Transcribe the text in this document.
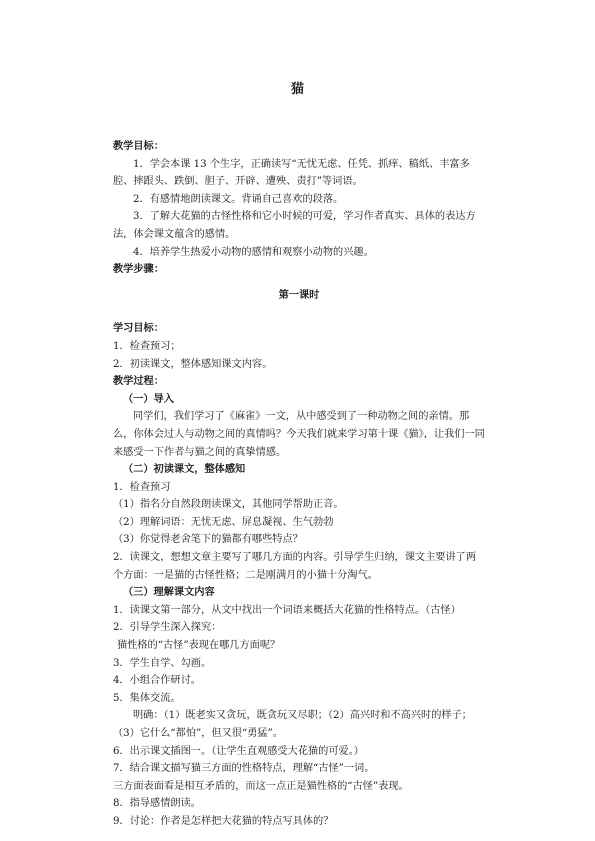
猫
教学目标：
1．学会本课 13 个生字，正确读写“无忧无虑、任凭、抓痒、稿纸、丰富多腔、摔跟头、跌倒、胆子、开辟、遭殃、责打”等词语。
2．有感情地朗读课文。背诵自己喜欢的段落。
3．了解大花猫的古怪性格和它小时候的可爱，学习作者真实、具体的表达方法，体会课文蕴含的感情。
4．培养学生热爱小动物的感情和观察小动物的兴趣。
教学步骤：
第一课时
学习目标：
1．检查预习；
2．初读课文，整体感知课文内容。
教学过程：
（一）导入
同学们，我们学习了《麻雀》一文，从中感受到了一种动物之间的亲情。那么，你体会过人与动物之间的真情吗？今天我们就来学习第十课《猫》，让我们一同来感受一下作者与猫之间的真挚情感。
（二）初读课文，整体感知
1．检查预习
（1）指名分自然段朗读课文，其他同学帮助正音。
（2）理解词语：无忧无虑、屏息凝视、生气勃勃
（3）你觉得老舍笔下的猫都有哪些特点？
2．读课文，想想文章主要写了哪几方面的内容。引导学生归纳，课文主要讲了两个方面：一是猫的古怪性格；二是刚满月的小猫十分淘气。
（三）理解课文内容
1．读课文第一部分，从文中找出一个词语来概括大花猫的性格特点。（古怪）
2．引导学生深入探究：
猫性格的“古怪”表现在哪几方面呢？
3．学生自学、勾画。
4．小组合作研讨。
5．集体交流。
明确：（1）既老实又贪玩，既贪玩又尽职；（2）高兴时和不高兴时的样子；（3）它什么“都怕”，但又很“勇猛”。
6．出示课文插图一。（让学生直观感受大花猫的可爱。）
7．结合课文描写猫三方面的性格特点，理解“古怪”一词。
三方面表面看是相互矛盾的，而这一点正是猫性格的“古怪”表现。
8．指导感情朗读。
9．讨论：作者是怎样把大花猫的特点写具体的？
